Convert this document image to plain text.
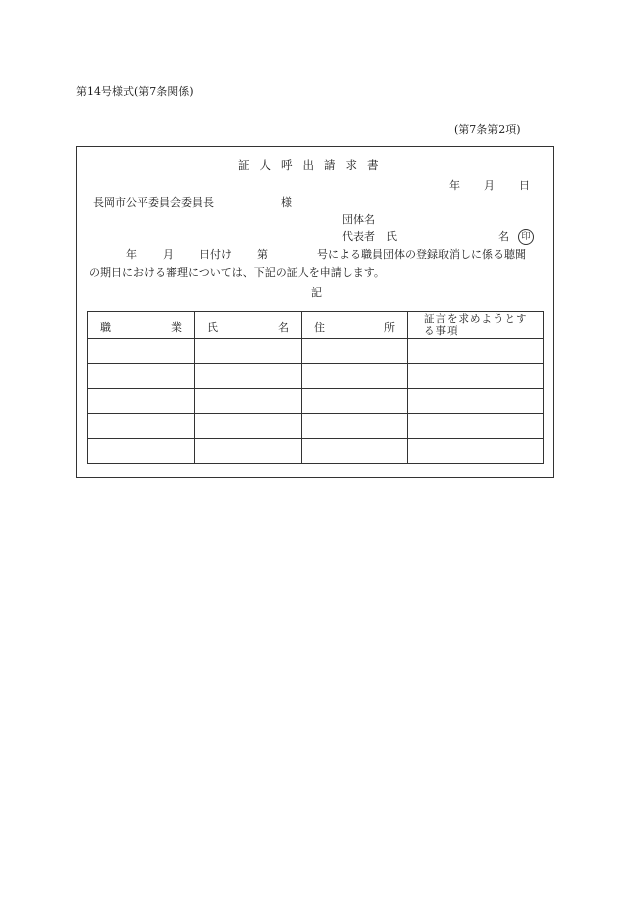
第14号様式(第7条関係)
(第7条第2項)
証人呼出請求書
年 月 日
長岡市公平委員会委員長	様
団体名
代表者　氏	名	印
年 月 日付け 第	号による職員団体の登録取消しに係る聴聞
の期日における審理については、下記の証人を申請します。
記
職 業	氏 名	住 所	証言を求めようとする事項
